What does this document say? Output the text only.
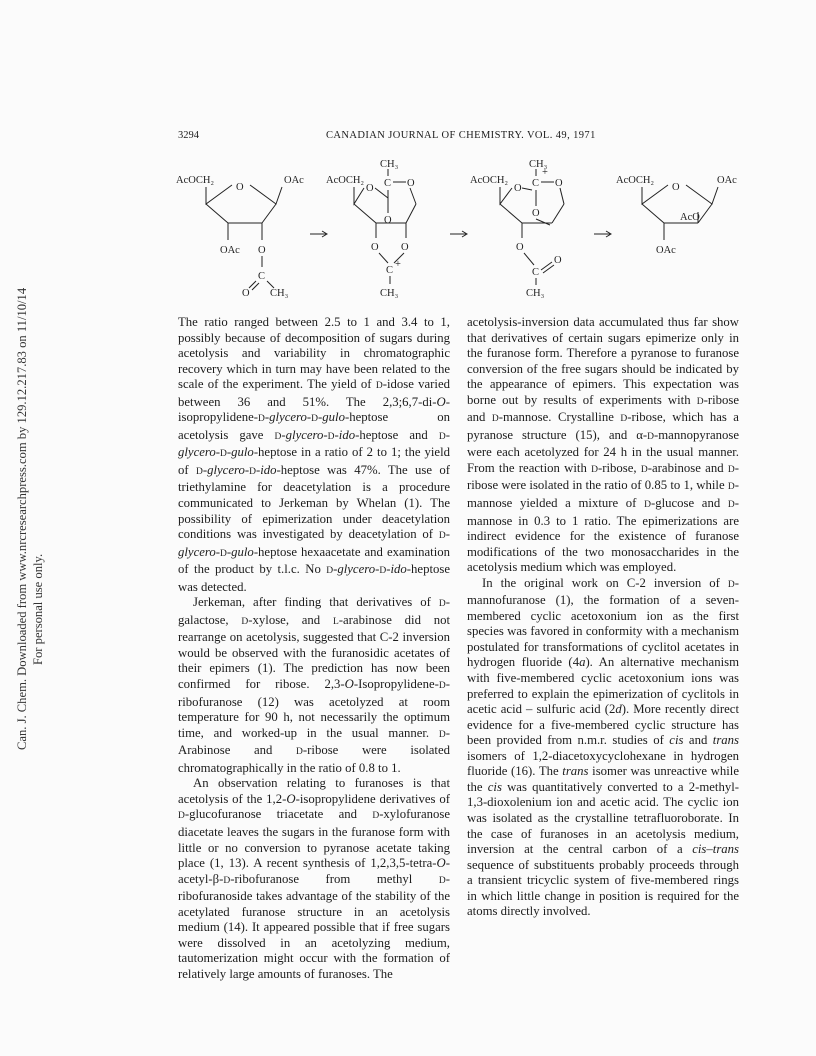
Can. J. Chem. Downloaded from www.nrcresearchpress.com by 129.12.217.83 on 11/10/14 For personal use only.
3294	CANADIAN JOURNAL OF CHEMISTRY. VOL. 49, 1971
AcOCH₂	OAc
O
OAc O
C
O CH₃
AcOCH₂
CH₃
C O
O
O
O O
C
+
CH₃
AcOCH₂
CH₃
+
C O
O
O
O
C
O
CH₃
AcOCH₂	OAc
O
AcO
OAc

The ratio ranged between 2.5 to 1 and 3.4 to 1, possibly because of decomposition of sugars during acetolysis and variability in chromatographic recovery which in turn may have been related to the scale of the experiment. The yield of D-idose varied between 36 and 51%. The 2,3;6,7-di-O-isopropylidene-D-glycero-D-gulo-heptose on acetolysis gave D-glycero-D-ido-heptose and D-glycero-D-gulo-heptose in a ratio of 2 to 1; the yield of D-glycero-D-ido-heptose was 47%. The use of triethylamine for deacetylation is a procedure communicated to Jerkeman by Whelan (1). The possibility of epimerization under deacetylation conditions was investigated by deacetylation of D-glycero-D-gulo-heptose hexaacetate and examination of the product by t.l.c. No D-glycero-D-ido-heptose was detected.

Jerkeman, after finding that derivatives of D-galactose, D-xylose, and L-arabinose did not rearrange on acetolysis, suggested that C-2 inversion would be observed with the furanosidic acetates of their epimers (1). The prediction has now been confirmed for ribose. 2,3-O-Isopropylidene-D-ribofuranose (12) was acetolyzed at room temperature for 90 h, not necessarily the optimum time, and worked-up in the usual manner. D-Arabinose and D-ribose were isolated chromatographically in the ratio of 0.8 to 1.

An observation relating to furanoses is that acetolysis of the 1,2-O-isopropylidene derivatives of D-glucofuranose triacetate and D-xylofuranose diacetate leaves the sugars in the furanose form with little or no conversion to pyranose acetate taking place (1, 13). A recent synthesis of 1,2,3,5-tetra-O-acetyl-β-D-ribofuranose from methyl D-ribofuranoside takes advantage of the stability of the acetylated furanose structure in an acetolysis medium (14). It appeared possible that if free sugars were dissolved in an acetolyzing medium, tautomerization might occur with the formation of relatively large amounts of furanoses. The

acetolysis-inversion data accumulated thus far show that derivatives of certain sugars epimerize only in the furanose form. Therefore a pyranose to furanose conversion of the free sugars should be indicated by the appearance of epimers. This expectation was borne out by results of experiments with D-ribose and D-mannose. Crystalline D-ribose, which has a pyranose structure (15), and α-D-mannopyranose were each acetolyzed for 24 h in the usual manner. From the reaction with D-ribose, D-arabinose and D-ribose were isolated in the ratio of 0.85 to 1, while D-mannose yielded a mixture of D-glucose and D-mannose in 0.3 to 1 ratio. The epimerizations are indirect evidence for the existence of furanose modifications of the two monosaccharides in the acetolysis medium which was employed.

In the original work on C-2 inversion of D-mannofuranose (1), the formation of a seven-membered cyclic acetoxonium ion as the first species was favored in conformity with a mechanism postulated for transformations of cyclitol acetates in hydrogen fluoride (4a). An alternative mechanism with five-membered cyclic acetoxonium ions was preferred to explain the epimerization of cyclitols in acetic acid – sulfuric acid (2d). More recently direct evidence for a five-membered cyclic structure has been provided from n.m.r. studies of cis and trans isomers of 1,2-diacetoxycyclohexane in hydrogen fluoride (16). The trans isomer was unreactive while the cis was quantitatively converted to a 2-methyl-1,3-dioxolenium ion and acetic acid. The cyclic ion was isolated as the crystalline tetrafluoroborate. In the case of furanoses in an acetolysis medium, inversion at the central carbon of a cis–trans sequence of substituents probably proceeds through a transient tricyclic system of five-membered rings in which little change in position is required for the atoms directly involved.
